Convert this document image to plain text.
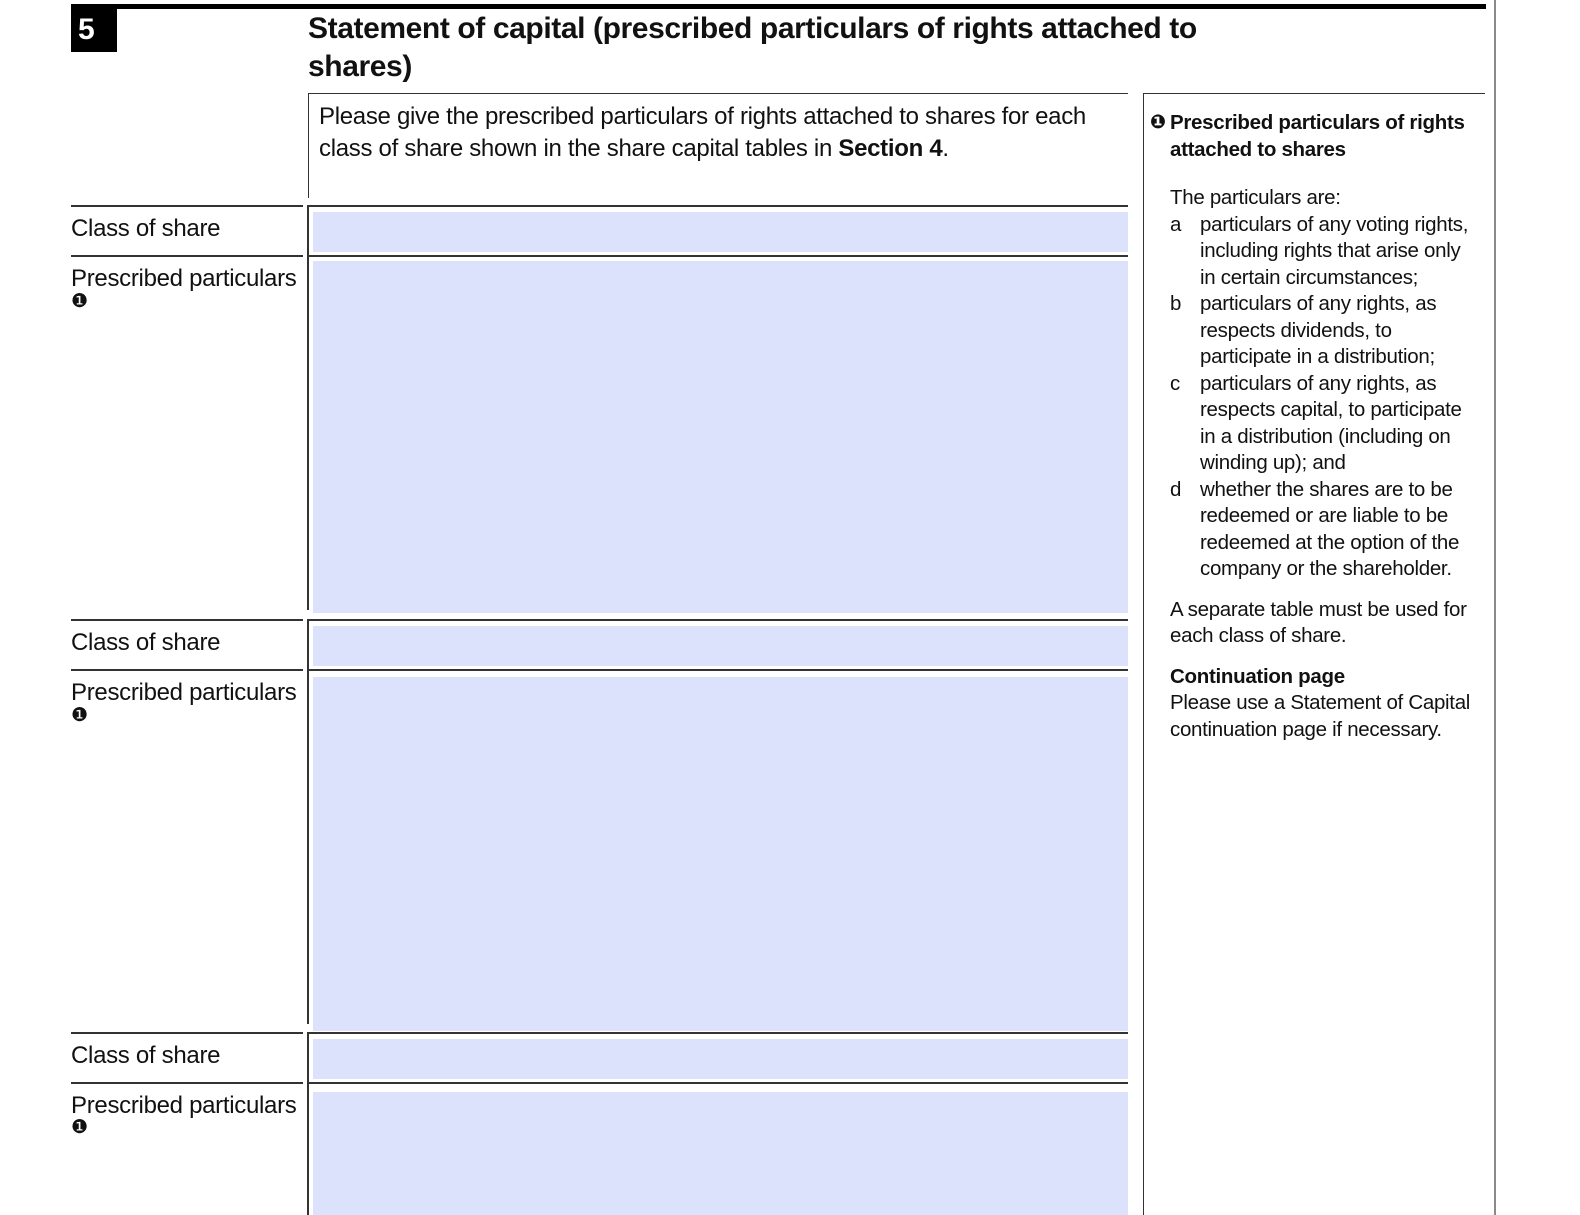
5	Statement of capital (prescribed particulars of rights attached to shares)
Please give the prescribed particulars of rights attached to shares for each class of share shown in the share capital tables in Section 4.
Class of share
Prescribed particulars
❶
Class of share
Prescribed particulars
❶
Class of share
Prescribed particulars
❶
❶ Prescribed particulars of rights attached to shares
The particulars are:
a particulars of any voting rights, including rights that arise only in certain circumstances;
b particulars of any rights, as respects dividends, to participate in a distribution;
c particulars of any rights, as respects capital, to participate in a distribution (including on winding up); and
d whether the shares are to be redeemed or are liable to be redeemed at the option of the company or the shareholder.
A separate table must be used for each class of share.
Continuation page
Please use a Statement of Capital continuation page if necessary.
